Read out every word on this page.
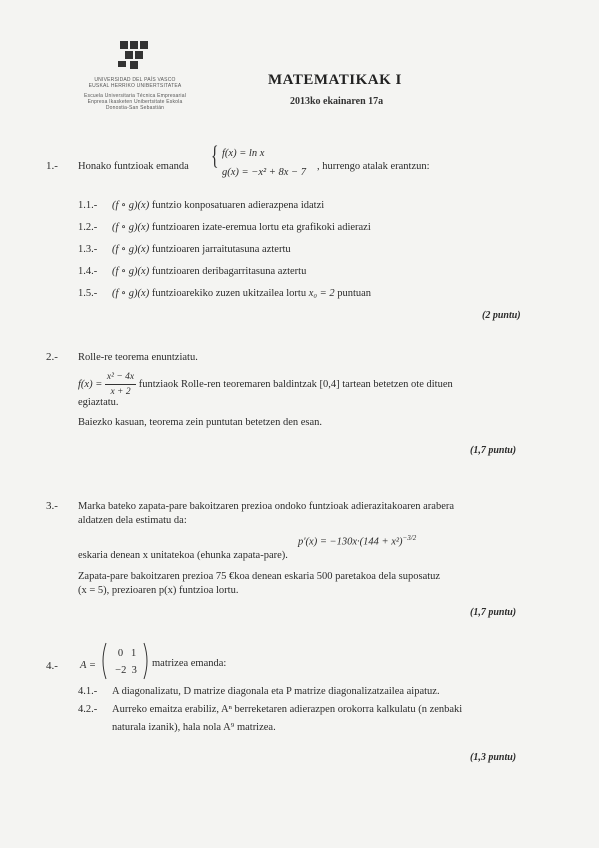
UNIVERSIDAD DEL PAÍS VASCO
EUSKAL HERRIKO UNIBERTSITATEA
Escuela Universitaria Técnica Empresarial
Enpresa Ikasketen Unibertsitate Eskola
Donostia-San Sebastián
MATEMATIKAK I
2013ko ekainaren 17a
1.- Honako funtzioak emanda { f(x) = ln x
g(x) = −x² + 8x − 7
, hurrengo atalak erantzun:
1.1.- (f ∘ g)(x) funtzio konposatuaren adierazpena idatzi
1.2.- (f ∘ g)(x) funtzioaren izate-eremua lortu eta grafikoki adierazi
1.3.- (f ∘ g)(x) funtzioaren jarraitutasuna aztertu
1.4.- (f ∘ g)(x) funtzioaren deribagarritasuna aztertu
1.5.- (f ∘ g)(x) funtzioarekiko zuzen ukitzailea lortu x₀ = 2 puntuan
(2 puntu)
2.- Rolle-re teorema enuntziatu.
$f(x) = \frac{\text{x² − 4x}}{x + 2}$ funtziaok Rolle-ren teoremaren baldintzak [0,4] tartean betetzen ote dituen
egiaztatu.
Baiezko kasuan, teorema zein puntutan betetzen den esan.
(1,7 puntu)
3.- Marka bateko zapata-pare bakoitzaren prezioa ondoko funtzioak adierazitakoaren arabera
aldatzen dela estimatu da:
$p'(x) = -130x\cdot(144 + x^2)^{-3/2}$
eskaria denean x unitatekoa (ehunka zapata-pare).
Zapata-pare bakoitzaren prezioa 75 €koa denean eskaria 500 paretakoa dela suposatuz
(x = 5), prezioaren p(x) funtzioa lortu.
(1,7 puntu)
4.- A =
0 1
−2 3
matrizea emanda:
4.1.- A diagonalizatu, D matrize diagonala eta P matrize diagonalizatzailea aipatuz.
4.2.- Aurreko emaitza erabiliz, Aⁿ berreketaren adierazpen orokorra kalkulatu (n zenbaki
naturala izanik), hala nola A⁹ matrizea.
(1,3 puntu)
